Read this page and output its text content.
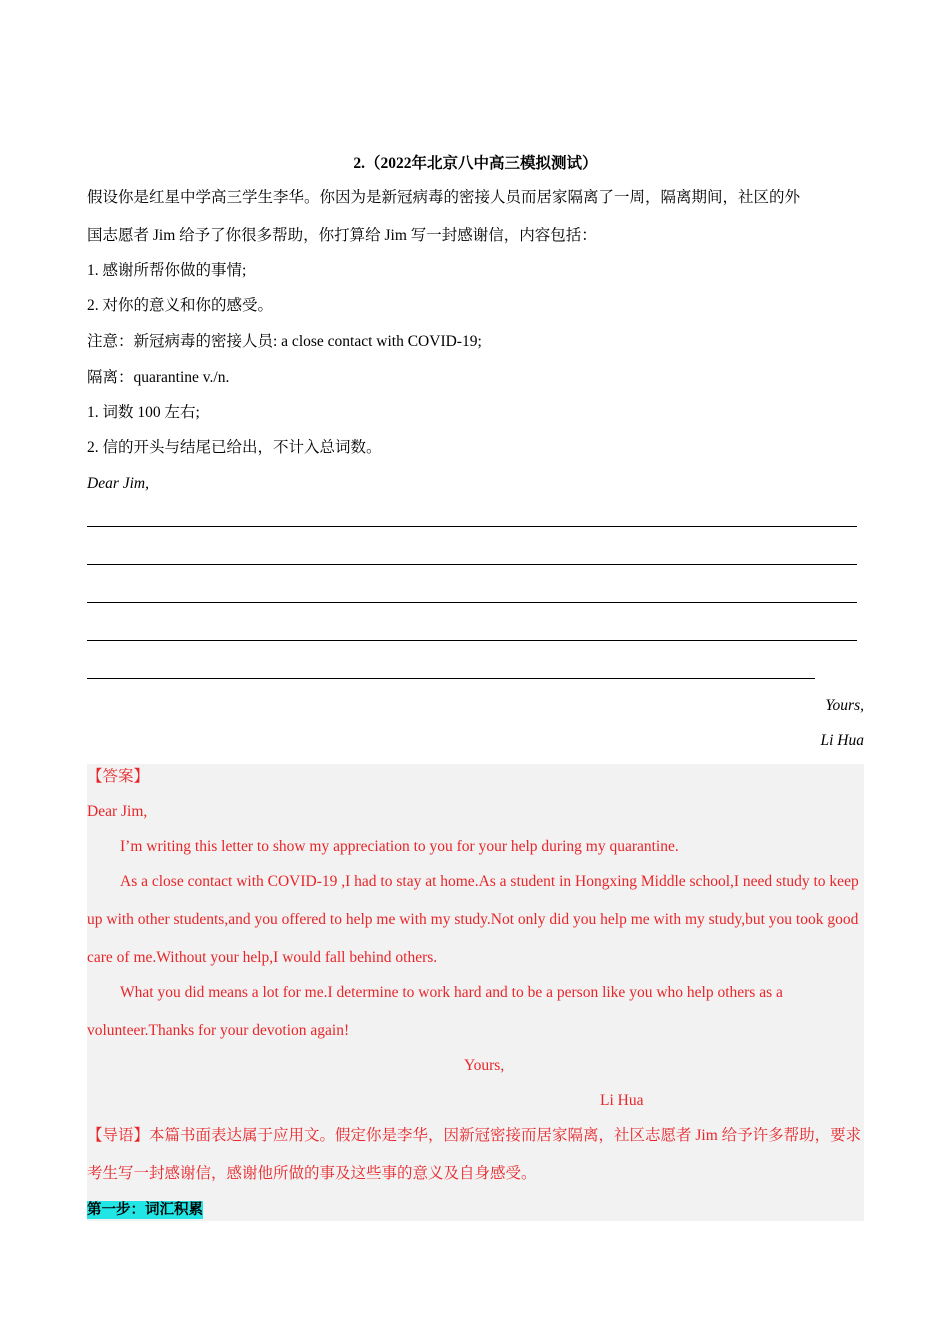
2.（2022年北京八中高三模拟测试）
假设你是红星中学高三学生李华。你因为是新冠病毒的密接人员而居家隔离了一周，隔离期间，社区的外
国志愿者 Jim 给予了你很多帮助，你打算给 Jim 写一封感谢信，内容包括：
1. 感谢所帮你做的事情;
2. 对你的意义和你的感受。
注意：新冠病毒的密接人员: a close contact with COVID-19;
隔离：quarantine v./n.
1. 词数 100 左右;
2. 信的开头与结尾已给出，不计入总词数。
Dear Jim,
Yours,
Li Hua
【答案】
Dear Jim,
I’m writing this letter to show my appreciation to you for your help during my quarantine.
As a close contact with COVID-19 ,I had to stay at home.As a student in Hongxing Middle school,I need study to keep up with other students,and you offered to help me with my study.Not only did you help me with my study,but you took good care of me.Without your help,I would fall behind others.
What you did means a lot for me.I determine to work hard and to be a person like you who help others as a volunteer.Thanks for your devotion again!
Yours,
Li Hua
【导语】本篇书面表达属于应用文。假定你是李华，因新冠密接而居家隔离，社区志愿者 Jim 给予许多帮助，要求考生写一封感谢信，感谢他所做的事及这些事的意义及自身感受。
第一步：词汇积累
